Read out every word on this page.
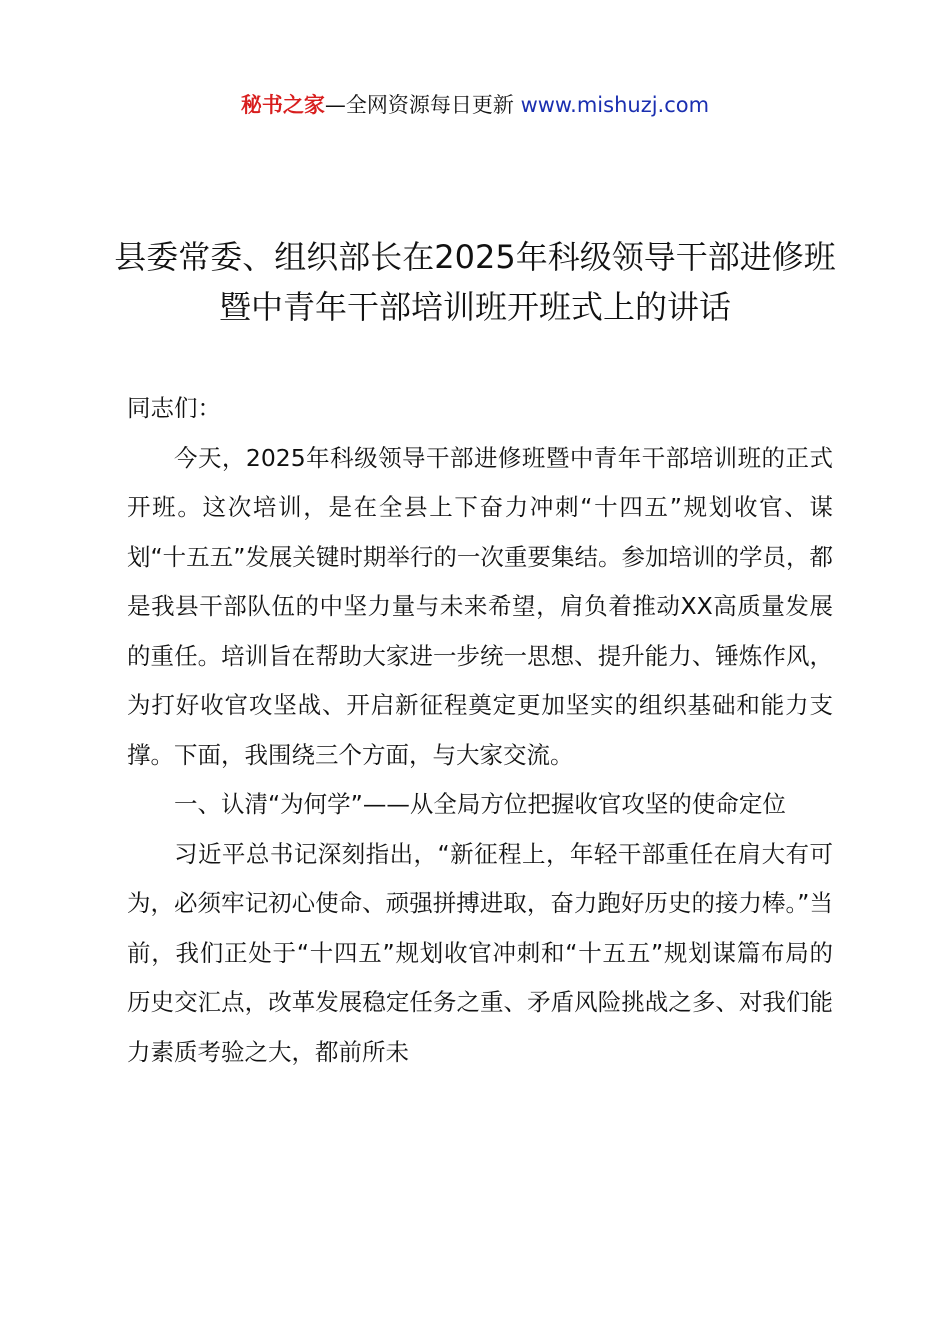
秘书之家—全网资源每日更新 www.mishuzj.com
县委常委、组织部长在2025年科级领导干部进修班暨中青年干部培训班开班式上的讲话

同志们：

今天，2025年科级领导干部进修班暨中青年干部培训班的正式开班。这次培训，是在全县上下奋力冲刺“十四五”规划收官、谋划“十五五”发展关键时期举行的一次重要集结。参加培训的学员，都是我县干部队伍的中坚力量与未来希望，肩负着推动XX高质量发展的重任。培训旨在帮助大家进一步统一思想、提升能力、锤炼作风，为打好收官攻坚战、开启新征程奠定更加坚实的组织基础和能力支撑。下面，我围绕三个方面，与大家交流。

一、认清“为何学”——从全局方位把握收官攻坚的使命定位

习近平总书记深刻指出，“新征程上，年轻干部重任在肩大有可为，必须牢记初心使命、顽强拼搏进取，奋力跑好历史的接力棒。”当前，我们正处于“十四五”规划收官冲刺和“十五五”规划谋篇布局的历史交汇点，改革发展稳定任务之重、矛盾风险挑战之多、对我们能力素质考验之大，都前所未
